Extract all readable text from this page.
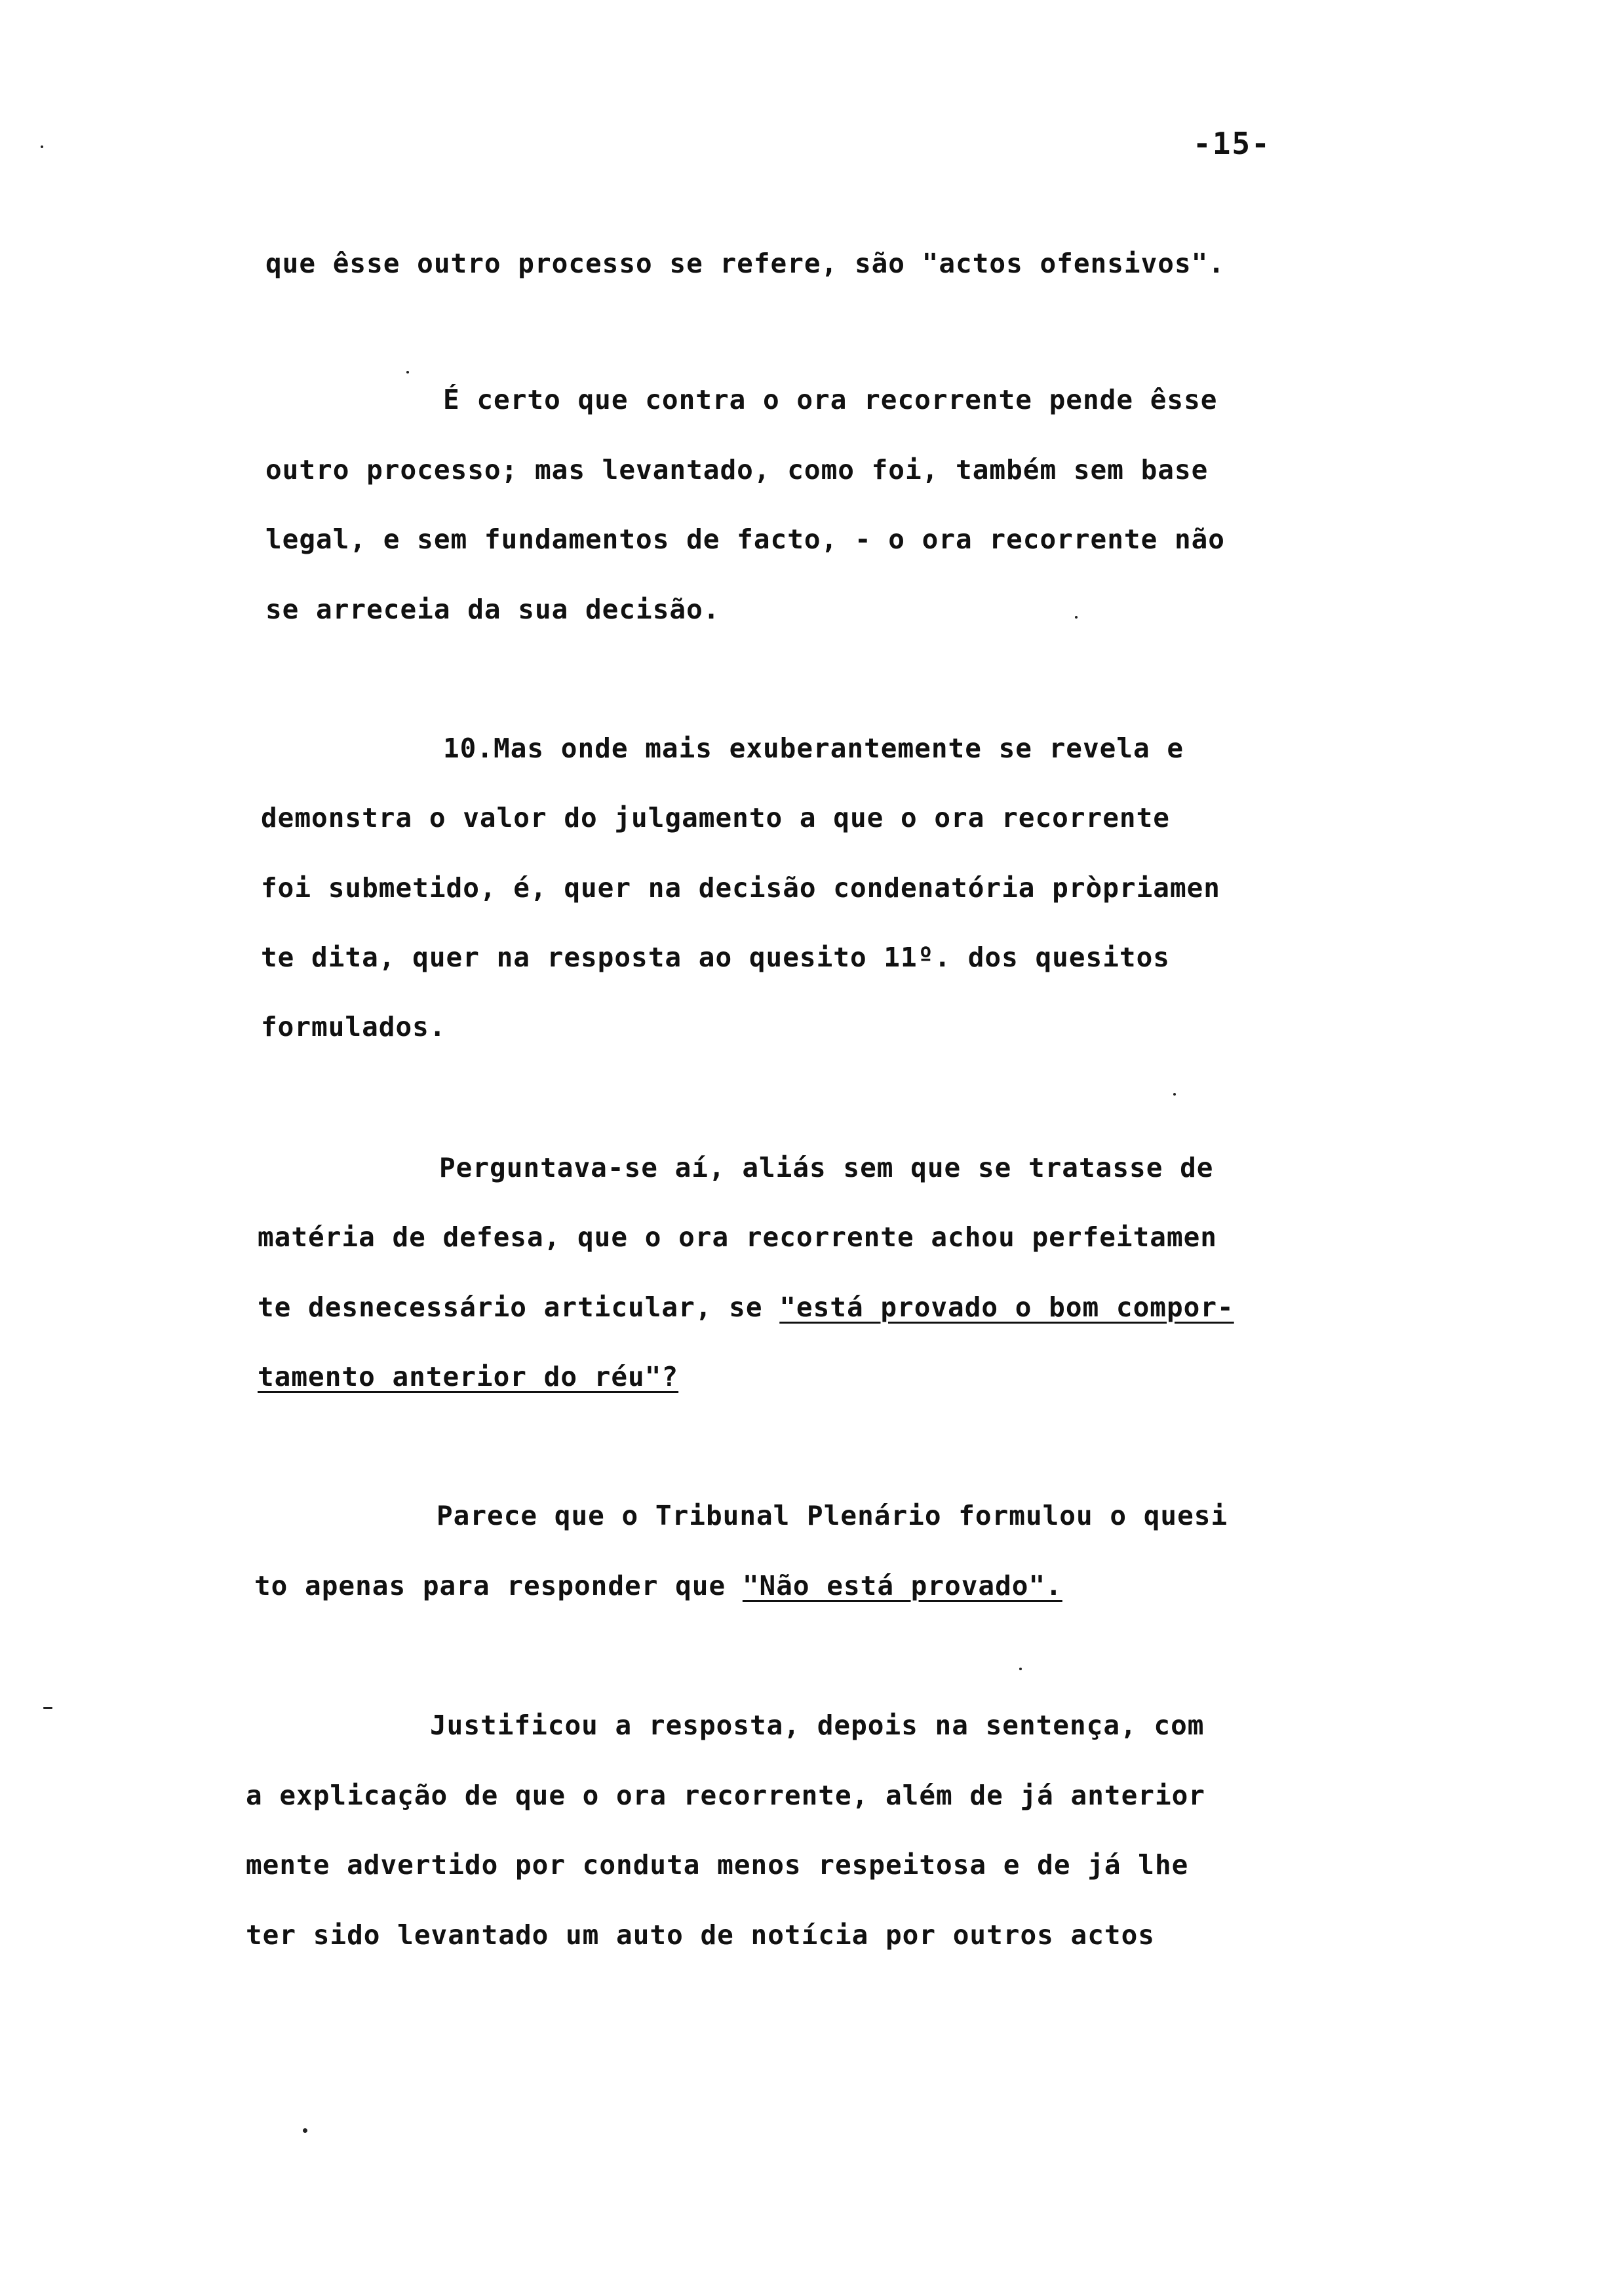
-15-
que êsse outro processo se refere, são "actos ofensivos".
É certo que contra o ora recorrente pende êsse
outro processo; mas levantado, como foi, também sem base
legal, e sem fundamentos de facto, - o ora recorrente não
se arreceia da sua decisão.
10.Mas onde mais exuberantemente se revela e
demonstra o valor do julgamento a que o ora recorrente
foi submetido, é, quer na decisão condenatória pròpriamen
te dita, quer na resposta ao quesito 11º. dos quesitos
formulados.
Perguntava-se aí, aliás sem que se tratasse de
matéria de defesa, que o ora recorrente achou perfeitamen
te desnecessário articular, se "está provado o bom compor-
tamento anterior do réu"?
Parece que o Tribunal Plenário formulou o quesi
to apenas para responder que "Não está provado".
Justificou a resposta, depois na sentença, com
a explicação de que o ora recorrente, além de já anterior
mente advertido por conduta menos respeitosa e de já lhe
ter sido levantado um auto de notícia por outros actos
